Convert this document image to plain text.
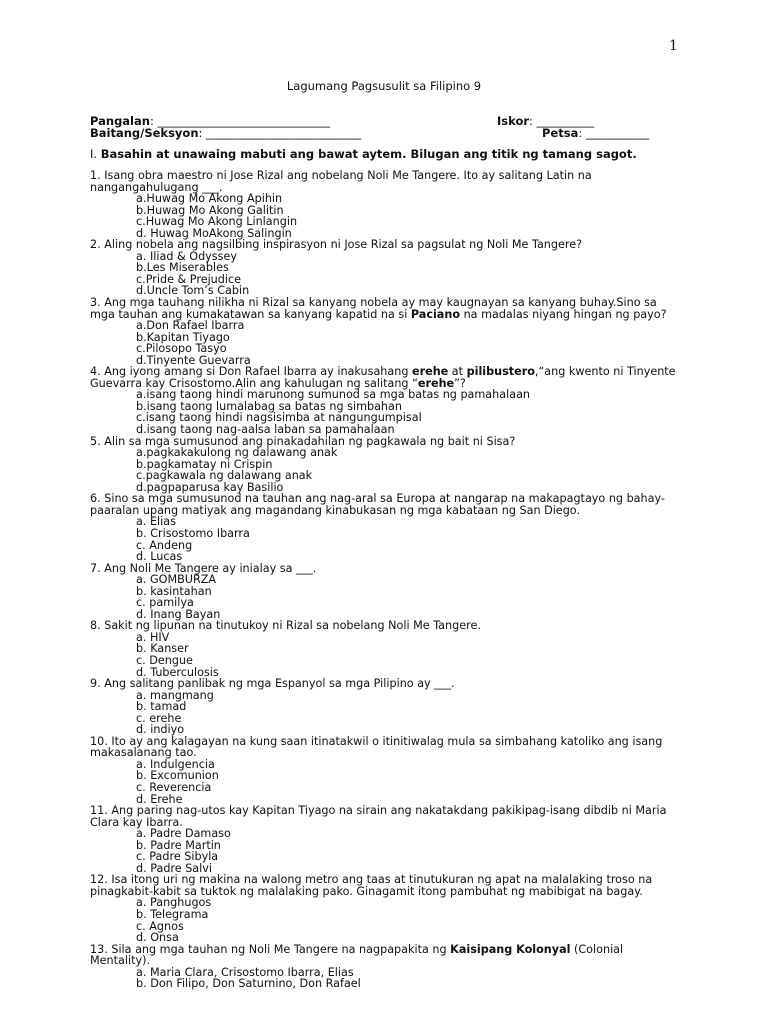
1
Lagumang Pagsusulit sa Filipino 9
Pangalan: ______________________________	Iskor: __________
Baitang/Seksyon: ___________________________	Petsa: ___________
I. Basahin at unawaing mabuti ang bawat aytem. Bilugan ang titik ng tamang sagot.
1. Isang obra maestro ni Jose Rizal ang nobelang Noli Me Tangere. Ito ay salitang Latin na nangangahulugang ___.
a.Huwag Mo Akong Apihin
b.Huwag Mo Akong Galitin
c.Huwag Mo Akong Linlangin
d. Huwag MoAkong Salingin
2. Aling nobela ang nagsilbing inspirasyon ni Jose Rizal sa pagsulat ng Noli Me Tangere?
a. Iliad & Odyssey
b.Les Miserables
c.Pride & Prejudice
d.Uncle Tom’s Cabin
3. Ang mga tauhang nilikha ni Rizal sa kanyang nobela ay may kaugnayan sa kanyang buhay.Sino sa mga tauhan ang kumakatawan sa kanyang kapatid na si Paciano na madalas niyang hingan ng payo?
a.Don Rafael Ibarra
b.Kapitan Tiyago
c.Pilosopo Tasyo
d.Tinyente Guevarra
4. Ang iyong amang si Don Rafael Ibarra ay inakusahang erehe at pilibustero,“ang kwento ni Tinyente Guevarra kay Crisostomo.Alin ang kahulugan ng salitang “erehe”?
a.isang taong hindi marunong sumunod sa mga batas ng pamahalaan
b.isang taong lumalabag sa batas ng simbahan
c.isang taong hindi nagsisimba at nangungumpisal
d.isang taong nag-aalsa laban sa pamahalaan
5. Alin sa mga sumusunod ang pinakadahilan ng pagkawala ng bait ni Sisa?
a.pagkakakulong ng dalawang anak
b.pagkamatay ni Crispin
c.pagkawala ng dalawang anak
d.pagpaparusa kay Basilio
6. Sino sa mga sumusunod na tauhan ang nag-aral sa Europa at nangarap na makapagtayo ng bahay-paaralan upang matiyak ang magandang kinabukasan ng mga kabataan ng San Diego.
a. Elias
b. Crisostomo Ibarra
c. Andeng
d. Lucas
7. Ang Noli Me Tangere ay inialay sa ___.
a. GOMBURZA
b. kasintahan
c. pamilya
d. Inang Bayan
8. Sakit ng lipunan na tinutukoy ni Rizal sa nobelang Noli Me Tangere.
a. HIV
b. Kanser
c. Dengue
d. Tuberculosis
9. Ang salitang panlibak ng mga Espanyol sa mga Pilipino ay ___.
a. mangmang
b. tamad
c. erehe
d. indiyo
10. Ito ay ang kalagayan na kung saan itinatakwil o itinitiwalag mula sa simbahang katoliko ang isang makasalanang tao.
a. Indulgencia
b. Excomunion
c. Reverencia
d. Erehe
11. Ang paring nag-utos kay Kapitan Tiyago na sirain ang nakatakdang pakikipag-isang dibdib ni Maria Clara kay Ibarra.
a. Padre Damaso
b. Padre Martin
c. Padre Sibyla
d. Padre Salvi
12. Isa itong uri ng makina na walong metro ang taas at tinutukuran ng apat na malalaking troso na pinagkabit-kabit sa tuktok ng malalaking pako. Ginagamit itong pambuhat ng mabibigat na bagay.
a. Panghugos
b. Telegrama
c. Agnos
d. Onsa
13. Sila ang mga tauhan ng Noli Me Tangere na nagpapakita ng Kaisipang Kolonyal (Colonial Mentality).
a. Maria Clara, Crisostomo Ibarra, Elias
b. Don Filipo, Don Saturnino, Don Rafael
